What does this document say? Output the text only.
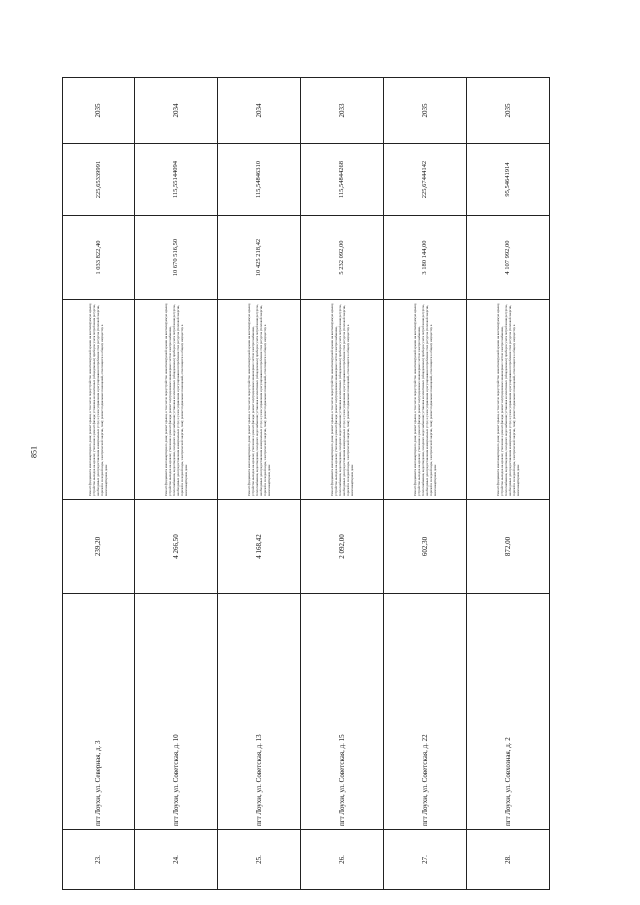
851
23.	пгт Лоухи, ул. Северная, д. 3	239,20	Ремонт фундамента многоквартирного дома; ремонт крыши, в том числе переустройство невентилируемой крыши на вентилируемую крышу, устройство выходов на кровлю; утепление и ремонт фасада; установка коллективных (общедомовых) приборов учета потребления ресурсов, необходимых для предоставления коммунальных услуг, и узлов управления и регулирования потребления этих ресурсов (тепловой энергии, горячей и холодной воды, электрической энергии, газа); ремонт подвальных помещений, относящихся к общему имуществу в многоквартирном доме	1 033 822,40	225,65339991	2035
24.	пгт Лоухи, ул. Советская, д. 10	4 266,50	Ремонт фундамента многоквартирного дома; ремонт крыши, в том числе переустройство невентилируемой крыши на вентилируемую крышу, устройство выходов на кровлю; утепление и ремонт фасада; ремонт внутридомовых инженерных систем электроснабжения, теплоснабжения, водоотведения, холодного водоснабжения; установка коллективных (общедомовых) приборов учета потребления ресурсов, необходимых для предоставления коммунальных услуг, и узлов управления и регулирования потребления этих ресурсов (тепловой энергии, горячей и холодной воды, электрической энергии, газа); ремонт подвальных помещений, относящихся к общему имуществу в многоквартирном доме	10 670 516,50	115,55144094	2034
25.	пгт Лоухи, ул. Советская, д. 13	4 168,42	Ремонт фундамента многоквартирного дома; ремонт крыши, в том числе переустройство невентилируемой крыши на вентилируемую крышу, устройство выходов на кровлю; утепление и ремонт фасада; ремонт внутридомовых инженерных систем электроснабжения, теплоснабжения, водоотведения, холодного водоснабжения; установка коллективных (общедомовых) приборов учета потребления ресурсов, необходимых для предоставления коммунальных услуг, и узлов управления и регулирования потребления этих ресурсов (тепловой энергии, горячей и холодной воды, электрической энергии, газа); ремонт подвальных помещений, относящихся к общему имуществу в многоквартирном доме	10 425 218,42	115,54846310	2034
26.	пгт Лоухи, ул. Советская, д. 15	2 092,00	Ремонт фундамента многоквартирного дома; ремонт крыши, в том числе переустройство невентилируемой крыши на вентилируемую крышу, устройство выходов на кровлю; утепление и ремонт фасада; ремонт внутридомовых инженерных систем электроснабжения, теплоснабжения, водоотведения, холодного водоснабжения; установка коллективных (общедомовых) приборов учета потребления ресурсов, необходимых для предоставления коммунальных услуг, и узлов управления и регулирования потребления этих ресурсов (тепловой энергии, горячей и холодной воды, электрической энергии, газа); ремонт подвальных помещений, относящихся к общему имуществу в многоквартирном доме	5 232 092,00	115,54844268	2033
27.	пгт Лоухи, ул. Советская, д. 22	602,30	Ремонт фундамента многоквартирного дома; ремонт крыши, в том числе переустройство невентилируемой крыши на вентилируемую крышу, устройство выходов на кровлю; утепление и ремонт фасада; ремонт внутридомовых инженерных систем электроснабжения, теплоснабжения, водоотведения, холодного водоснабжения; установка коллективных (общедомовых) приборов учета потребления ресурсов, необходимых для предоставления коммунальных услуг, и узлов управления и регулирования потребления этих ресурсов (тепловой энергии, горячей и холодной воды, электрической энергии, газа); ремонт подвальных помещений, относящихся к общему имуществу в многоквартирном доме	3 180 144,00	225,67444142	2035
28.	пгт Лоухи, ул. Совхозная, д. 2	872,00	Ремонт фундамента многоквартирного дома; ремонт крыши, в том числе переустройство невентилируемой крыши на вентилируемую крышу, устройство выходов на кровлю; утепление и ремонт фасада; ремонт внутридомовых инженерных систем электроснабжения, теплоснабжения, водоотведения, холодного водоснабжения; установка коллективных (общедомовых) приборов учета потребления ресурсов, необходимых для предоставления коммунальных услуг, и узлов управления и регулирования потребления этих ресурсов (тепловой энергии, горячей и холодной воды, электрической энергии, газа); ремонт подвальных помещений, относящихся к общему имуществу в многоквартирном доме	4 107 992,00	95,54641914	2035
